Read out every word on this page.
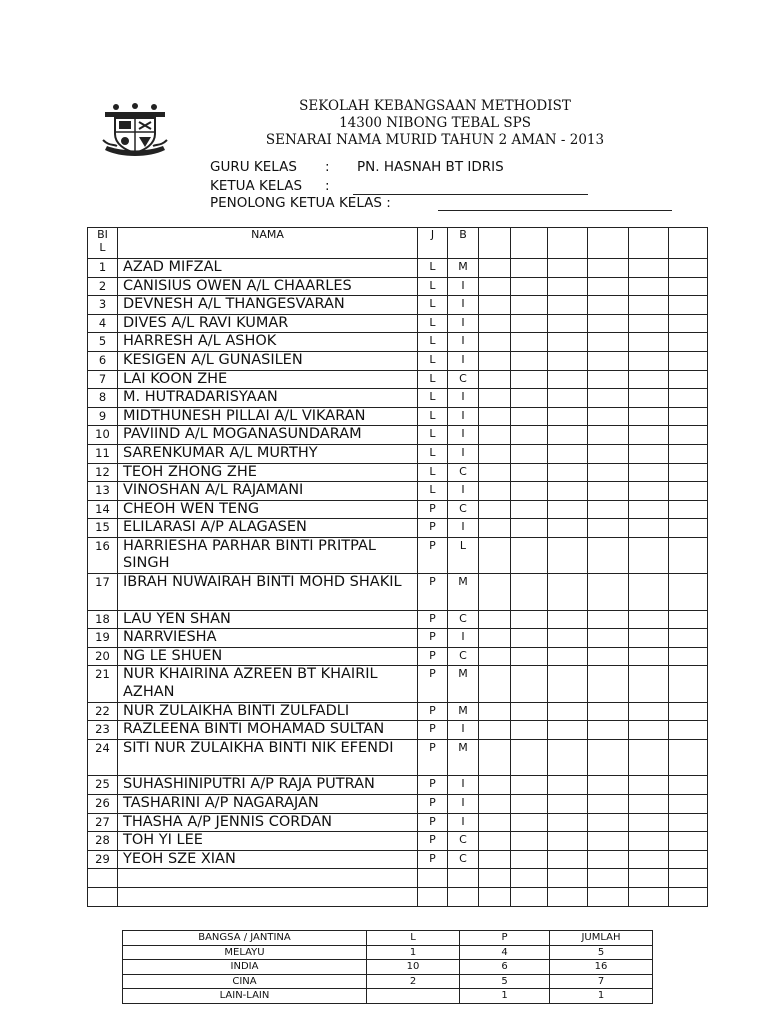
SEKOLAH KEBANGSAAN METHODIST
14300 NIBONG TEBAL SPS
SENARAI NAMA MURID TAHUN 2 AMAN - 2013
GURU KELAS : PN. HASNAH BT IDRIS
KETUA KELAS :
PENOLONG KETUA KELAS :
BI
L	NAMA	J	B						
1	AZAD MIFZAL	L	M						
2	CANISIUS OWEN A/L CHAARLES	L	I						
3	DEVNESH A/L THANGESVARAN	L	I						
4	DIVES A/L RAVI KUMAR	L	I						
5	HARRESH A/L ASHOK	L	I						
6	KESIGEN A/L GUNASILEN	L	I						
7	LAI KOON ZHE	L	C						
8	M. HUTRADARISYAAN	L	I						
9	MIDTHUNESH PILLAI A/L VIKARAN	L	I						
10	PAVIIND A/L MOGANASUNDARAM	L	I						
11	SARENKUMAR A/L MURTHY	L	I						
12	TEOH ZHONG ZHE	L	C						
13	VINOSHAN A/L RAJAMANI	L	I						
14	CHEOH WEN TENG	P	C						
15	ELILARASI A/P ALAGASEN	P	I						
16	HARRIESHA PARHAR BINTI PRITPAL SINGH	P	L						
17	IBRAH NUWAIRAH BINTI MOHD SHAKIL	P	M						
18	LAU YEN SHAN	P	C						
19	NARRVIESHA	P	I						
20	NG LE SHUEN	P	C						
21	NUR KHAIRINA AZREEN BT KHAIRIL AZHAN	P	M						
22	NUR ZULAIKHA BINTI ZULFADLI	P	M						
23	RAZLEENA BINTI MOHAMAD SULTAN	P	I						
24	SITI NUR ZULAIKHA BINTI NIK EFENDI	P	M						
25	SUHASHINIPUTRI A/P RAJA PUTRAN	P	I						
26	TASHARINI A/P NAGARAJAN	P	I						
27	THASHA A/P JENNIS CORDAN	P	I						
28	TOH YI LEE	P	C						
29	YEOH SZE XIAN	P	C						

BANGSA / JANTINA	L	P	JUMLAH
MELAYU	1	4	5
INDIA	10	6	16
CINA	2	5	7
LAIN-LAIN		1	1
